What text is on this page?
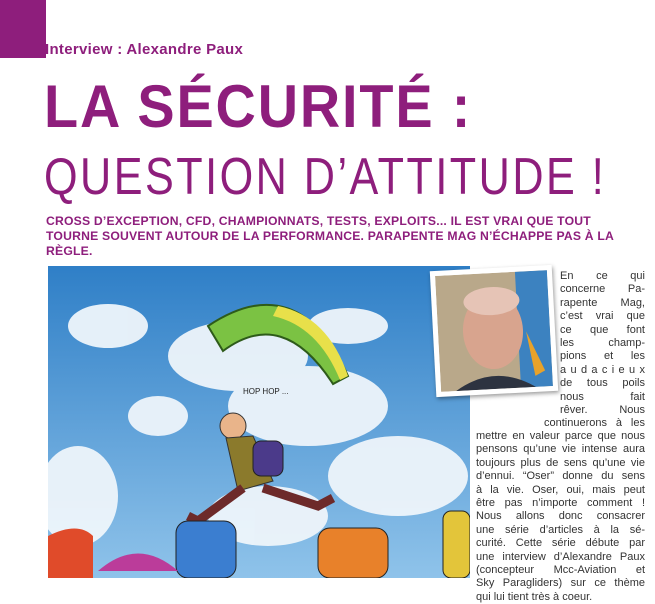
Interview : Alexandre Paux
LA SÉCURITÉ :
QUESTION D’ATTITUDE !
CROSS D’EXCEPTION, CFD, CHAMPIONNATS, TESTS, EXPLOITS... IL EST VRAI QUE TOUT TOURNE SOUVENT AUTOUR DE LA PERFORMANCE. PARAPENTE MAG N’ÉCHAPPE PAS À LA RÈGLE.
HOP HOP ...
En ce qui
concerne Pa-
rapente Mag,
c’est vrai que
ce que font
les champ-
pions et les
a u d a c i e u x
de tous poils
nous fait
rêver. Nous
continuerons à les
mettre en valeur parce que nous
pensons qu’une vie intense aura
toujours plus de sens qu’une vie
d’ennui. “Oser” donne du sens
à la vie. Oser, oui, mais peut
être pas n’importe comment !
Nous allons donc consacrer
une série d’articles à la sé-
curité. Cette série débute par
une interview d’Alexandre Paux
(concepteur Mcc-Aviation et
Sky Paragliders) sur ce thème
qui lui tient très à coeur.
